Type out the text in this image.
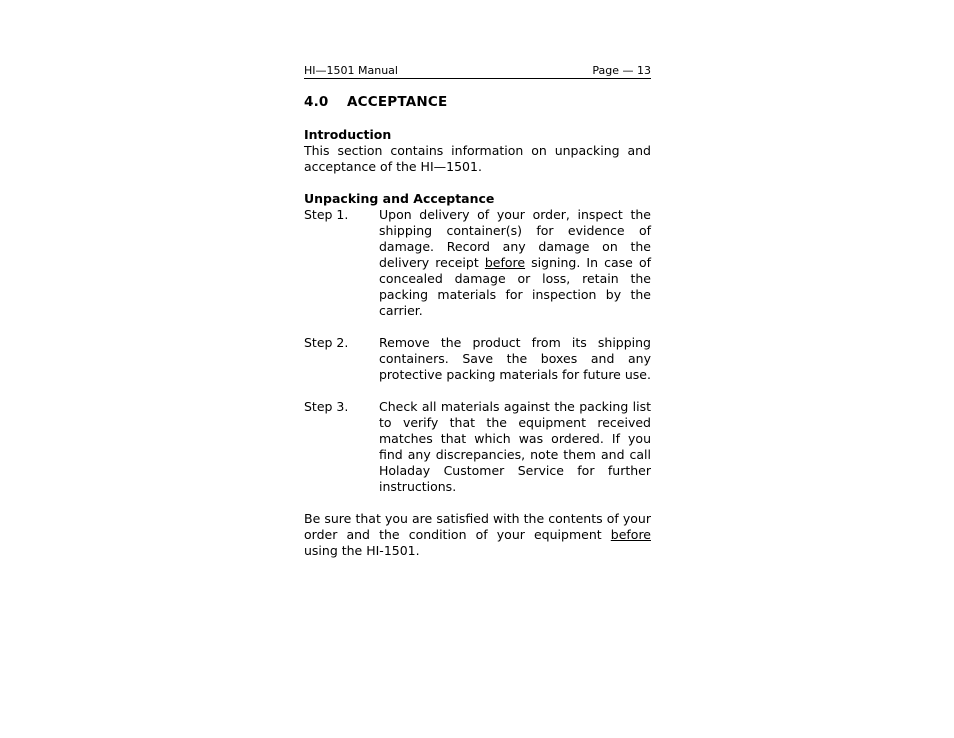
HI—1501 Manual	Page — 13
4.0 ACCEPTANCE
Introduction
This section contains information on unpacking and acceptance of the HI—1501.
Unpacking and Acceptance
Step 1.	Upon delivery of your order, inspect the shipping container(s) for evidence of damage. Record any damage on the delivery receipt before signing. In case of concealed damage or loss, retain the packing materials for inspection by the carrier.
Step 2.	Remove the product from its shipping containers. Save the boxes and any protective packing materials for future use.
Step 3.	Check all materials against the packing list to verify that the equipment received matches that which was ordered. If you find any discrepancies, note them and call Holaday Customer Service for further instructions.
Be sure that you are satisfied with the contents of your order and the condition of your equipment before using the HI-1501.
